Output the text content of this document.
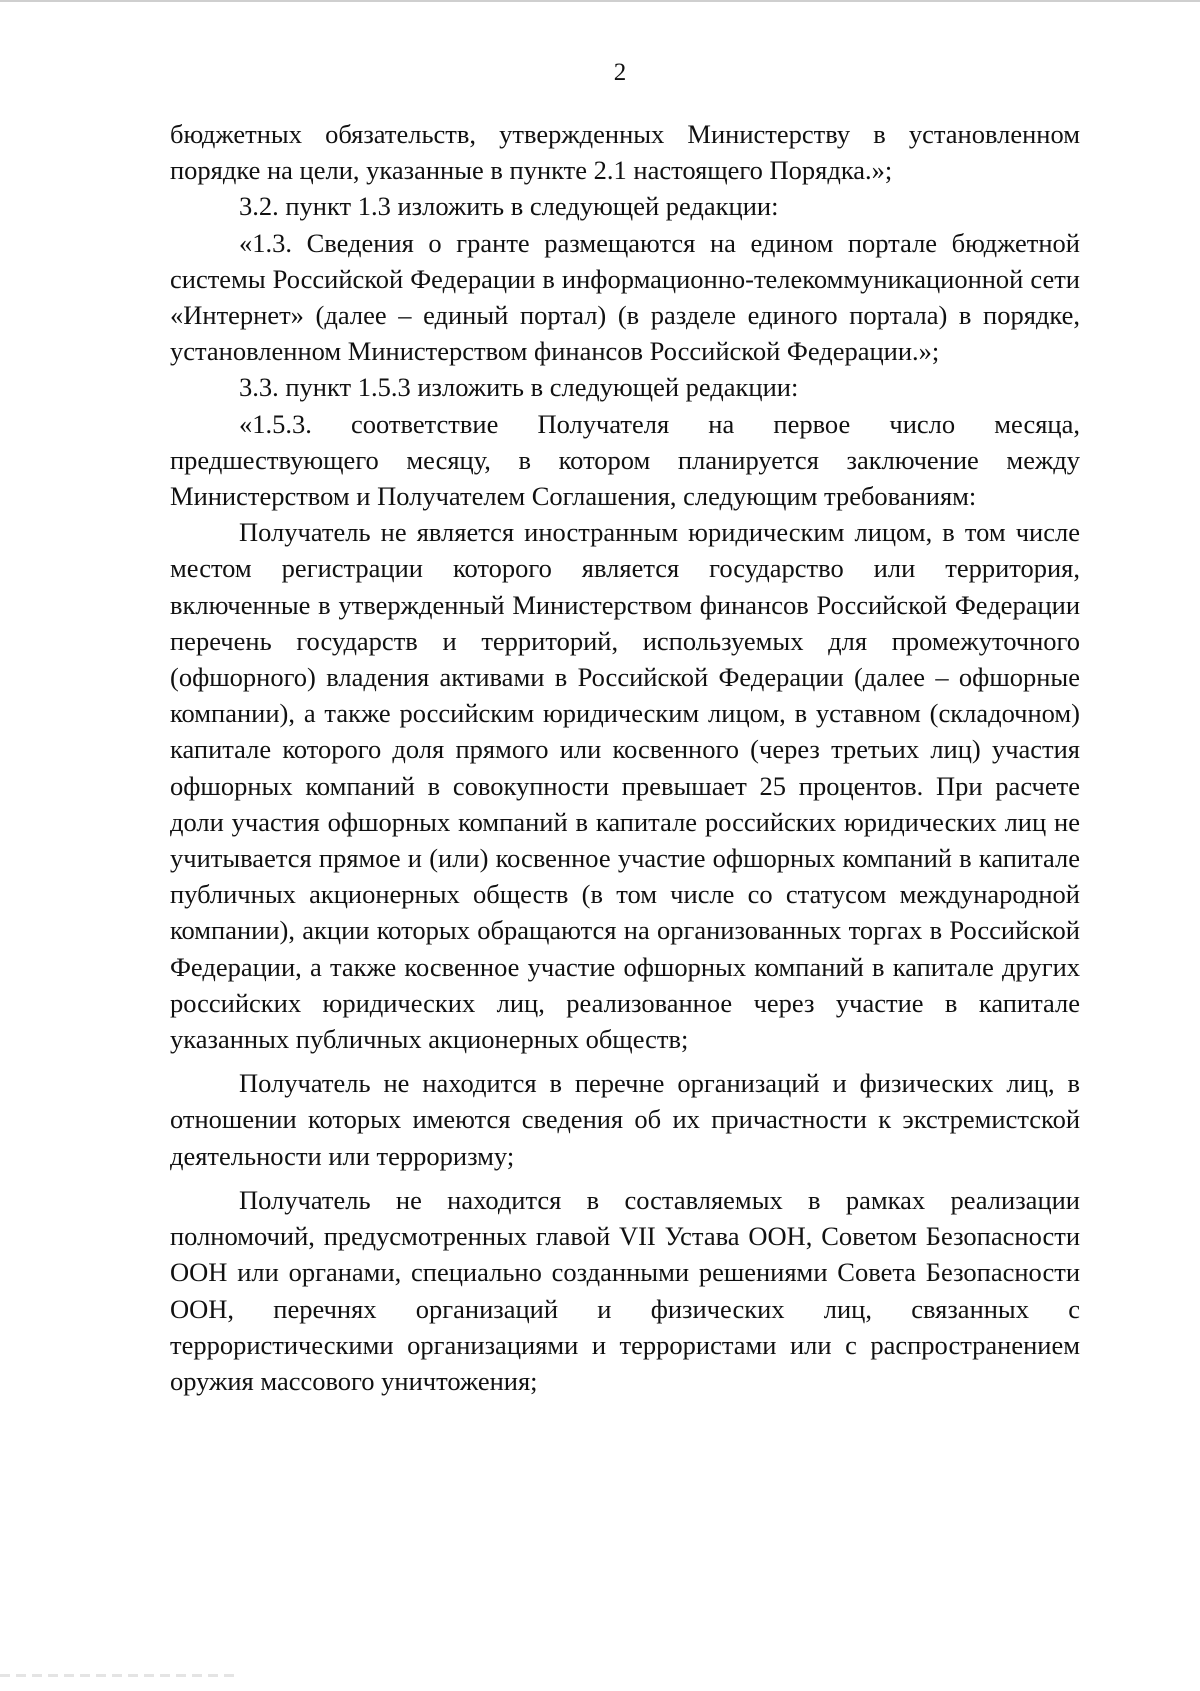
2

бюджетных обязательств, утвержденных Министерству в установленном порядке на цели, указанные в пункте 2.1 настоящего Порядка.»;

3.2. пункт 1.3 изложить в следующей редакции:

«1.3. Сведения о гранте размещаются на едином портале бюджетной системы Российской Федерации в информационно-телекоммуникационной сети «Интернет» (далее – единый портал) (в разделе единого портала) в порядке, установленном Министерством финансов Российской Федерации.»;

3.3. пункт 1.5.3 изложить в следующей редакции:

«1.5.3. соответствие Получателя на первое число месяца, предшествующего месяцу, в котором планируется заключение между Министерством и Получателем Соглашения, следующим требованиям:

Получатель не является иностранным юридическим лицом, в том числе местом регистрации которого является государство или территория, включенные в утвержденный Министерством финансов Российской Федерации перечень государств и территорий, используемых для промежуточного (офшорного) владения активами в Российской Федерации (далее – офшорные компании), а также российским юридическим лицом, в уставном (складочном) капитале которого доля прямого или косвенного (через третьих лиц) участия офшорных компаний в совокупности превышает 25 процентов. При расчете доли участия офшорных компаний в капитале российских юридических лиц не учитывается прямое и (или) косвенное участие офшорных компаний в капитале публичных акционерных обществ (в том числе со статусом международной компании), акции которых обращаются на организованных торгах в Российской Федерации, а также косвенное участие офшорных компаний в капитале других российских юридических лиц, реализованное через участие в капитале указанных публичных акционерных обществ;

Получатель не находится в перечне организаций и физических лиц, в отношении которых имеются сведения об их причастности к экстремистской деятельности или терроризму;

Получатель не находится в составляемых в рамках реализации полномочий, предусмотренных главой VII Устава ООН, Советом Безопасности ООН или органами, специально созданными решениями Совета Безопасности ООН, перечнях организаций и физических лиц, связанных с террористическими организациями и террористами или с распространением оружия массового уничтожения;
